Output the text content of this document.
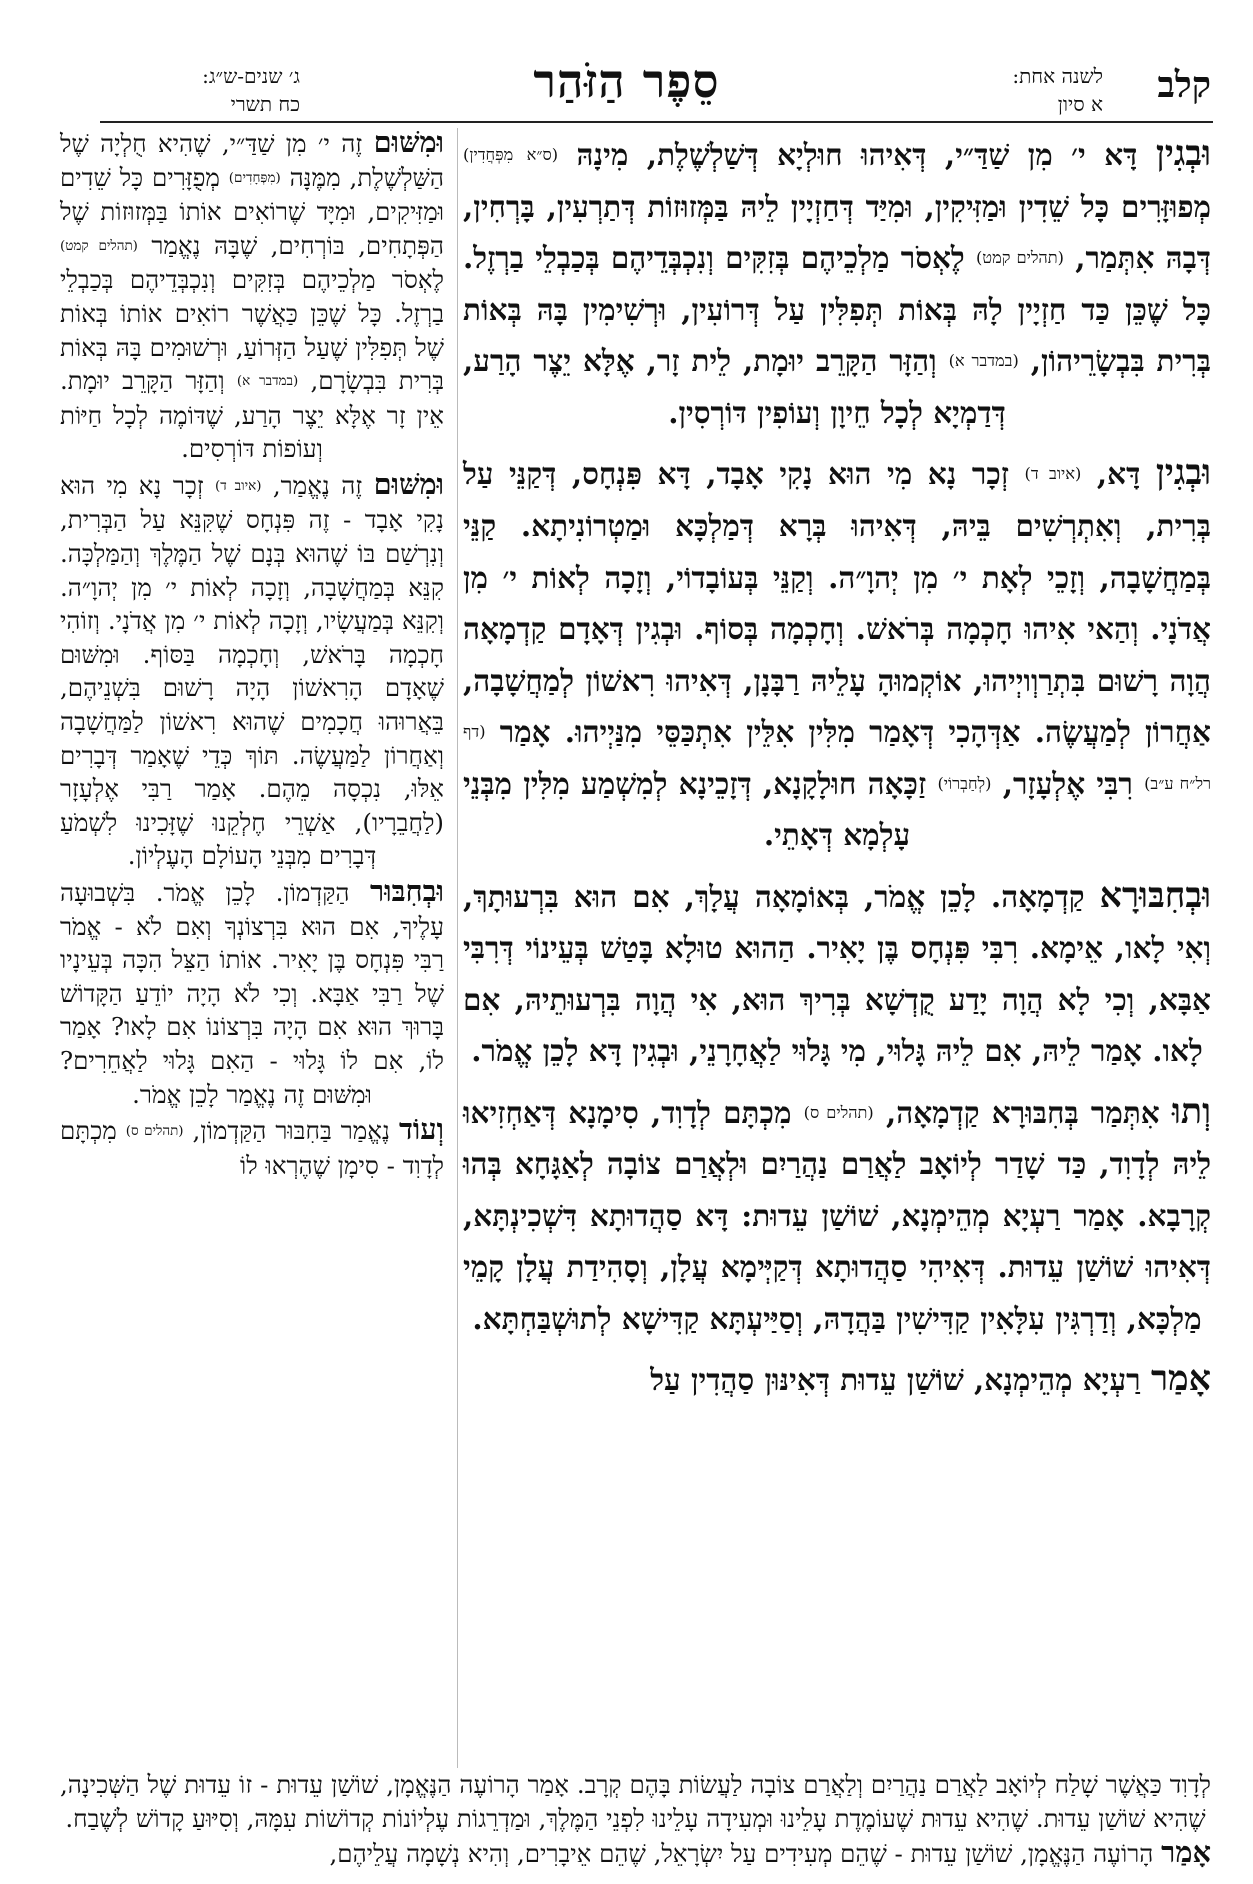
קלב
לשנה אחת:
א סיון
סֵפֶר הַזֹּהַר
ג׳ שנים-ש״ג:
כח תשרי

וּבְגִין דָּא י׳ מִן שַׁדַּ״י, דְּאִיהוּ חוּלְיָא דְּשַׁלְשֶׁלֶת, מִינָהּ (ס״א מִפְּחֲדִין) מְפוּזָּרִים כָּל שֵׁדִין וּמַזִּיקִין, וּמִיַּד דְּחַזְיָין לֵיהּ בַּמְּזוּזוֹת דְּתַרְעִין, בָּרְחִין, דְּבָהּ אִתְּמַר, (תהלים קמט) לֶאְסֹר מַלְכֵיהֶם בְּזִקִּים וְנִכְבְּדֵיהֶם בְּכַבְלֵי בַרְזֶל. כָּל שֶׁכֵּן כַּד חַזְיָין לָהּ בְּאוֹת תְּפִלִּין עַל דְּרוֹעִין, וּרְשִׁימִין בָּהּ בְּאוֹת בְּרִית בִּבְשָׂרֵיהוֹן, (במדבר א) וְהַזָּר הַקָּרֵב יוּמָת, לֵית זָר, אֶלָּא יֵצֶר הָרַע, דְּדַמְיָא לְכָל חֵיוָן וְעוֹפִין דּוֹרְסִין.

וּבְגִין דָּא, (איוב ד) זְכָר נָא מִי הוּא נָקִי אָבָד, דָּא פִּנְחָס, דְּקַנֵּי עַל בְּרִית, וְאִתְרְשִׁים בֵּיהּ, דְּאִיהוּ בְּרָא דְּמַלְכָּא וּמַטְרוֹנִיתָא. קַנֵּי בְּמַחֲשָׁבָה, וְזָכֵי לְאָת י׳ מִן יְהוָ״ה. וְקַנֵּי בְּעוֹבָדוֹי, וְזָכָה לְאוֹת י׳ מִן אֲדֹנָי. וְהַאי אִיהוּ חָכְמָה בְּרֹאשׁ. וְחָכְמָה בְּסוֹף. וּבְגִין דְּאָדָם קַדְמָאָה הֲוָה רָשׁוּם בִּתְרַוְויְיהוּ, אוֹקְמוּהָ עָלֵיהּ רַבָּנָן, דְּאִיהוּ רִאשׁוֹן לְמַחֲשָׁבָה, אַחֲרוֹן לְמַעֲשֶׂה. אַדְּהָכִי דְּאָמַר מִלִּין אִלֵּין אִתְכַּסֵּי מִנַּיְיהוּ. אָמַר (דף רל״ח ע״ב) רִבִּי אֶלְעָזָר, (לְחַבְרוֹי) זַכָּאָה חוּלָקָנָא, דְּזָכֵינָא לְמִשְׁמַע מִלִּין מִבְּנֵי עָלְמָא דְּאָתֵי.

וּבְחִבּוּרָא קַדְמָאָה. לָכֵן אֱמֹר, בְּאוֹמָאָה עֲלָךְ, אִם הוּא בִּרְעוּתָךְ, וְאִי לָאו, אֵימָא. רִבִּי פִּנְחָס בֶּן יָאִיר. הַהוּא טוּלָא בָּטַשׁ בְּעֵינוֹי דְּרִבִּי אַבָּא, וְכִי לָא הֲוָה יָדַע קֻדְשָׁא בְּרִיךְ הוּא, אִי הֲוָה בִּרְעוּתֵיהּ, אִם לָאו. אָמַר לֵיהּ, אִם לֵיהּ גָּלוּי, מִי גָּלוּי לַאֲחָרָנֵי, וּבְגִין דָּא לָכֵן אֱמֹר.

וְתוּ אִתְּמַר בְּחִבּוּרָא קַדְמָאָה, (תהלים ס) מִכְתָּם לְדָוִד, סִימָנָא דְּאַחְזִיאוּ לֵיהּ לְדָוִד, כַּד שָׁדַר לְיוֹאָב לַאֲרַם נַהֲרַיִם וּלְאֲרַם צוֹבָה לְאַגָּחָא בְּהוּ קְרָבָא. אָמַר רַעְיָא מְהֵימְנָא, שׁוֹשַׁן עֵדוּת: דָּא סַהֲדוּתָא דִּשְׁכִינְתָּא, דְּאִיהוּ שׁוֹשַׁן עֵדוּת. דְּאִיהִי סַהֲדוּתָא דְּקַיְּימָא עֲלָן, וְסָהִידַת עֲלָן קָמֵי מַלְכָּא, וְדַרְגִּין עִלָּאִין קַדִּישִׁין בַּהֲדָהּ, וְסַיַּיעְתָּא קַדִּישָׁא לְתוּשְׁבַּחְתָּא.

אָמַר רַעְיָא מְהֵימְנָא, שׁוֹשַׁן עֵדוּת דְּאִינּוּן סַהֲדִין עַל

וּמִשּׁוּם זֶה י׳ מִן שַׁדַּ״י, שֶׁהִיא חֻלְיָה שֶׁל הַשַּׁלְשֶׁלֶת, מִמֶּנָּה (מִפְּחָדִים) מְפֻזָּרִים כָּל שֵׁדִים וּמַזִּיקִים, וּמִיָּד שֶׁרוֹאִים אוֹתוֹ בַּמְּזוּזוֹת שֶׁל הַפְּתָחִים, בּוֹרְחִים, שֶׁבָּהּ נֶאֱמַר (תהלים קמט) לֶאְסֹר מַלְכֵיהֶם בְּזִקִּים וְנִכְבְּדֵיהֶם בְּכַבְלֵי בַרְזֶל. כָּל שֶׁכֵּן כַּאֲשֶׁר רוֹאִים אוֹתוֹ בְּאוֹת שֶׁל תְּפִלִּין שֶׁעַל הַזְּרוֹעַ, וּרְשׁוּמִים בָּהּ בְּאוֹת בְּרִית בִּבְשָׂרָם, (במדבר א) וְהַזָּר הַקָּרֵב יוּמָת. אֵין זָר אֶלָּא יֵצֶר הָרַע, שֶׁדּוֹמֶה לְכָל חַיּוֹת וְעוֹפוֹת דּוֹרְסִים.

וּמִשּׁוּם זֶה נֶאֱמַר, (איוב ד) זְכָר נָא מִי הוּא נָקִי אָבָד - זֶה פִּנְחָס שֶׁקִּנֵּא עַל הַבְּרִית, וְנִרְשַׁם בּוֹ שֶׁהוּא בְּנָם שֶׁל הַמֶּלֶךְ וְהַמַּלְכָּה. קִנֵּא בְּמַחֲשָׁבָה, וְזָכָה לְאוֹת י׳ מִן יְהוָ״ה. וְקִנֵּא בְּמַעֲשָׂיו, וְזָכָה לְאוֹת י׳ מִן אֲדֹנָי. וְזוֹהִי חָכְמָה בָּרֹאשׁ, וְחָכְמָה בַּסּוֹף. וּמִשּׁוּם שֶׁאָדָם הָרִאשׁוֹן הָיָה רָשׁוּם בִּשְׁנֵיהֶם, בֵּאֲרוּהוּ חֲכָמִים שֶׁהוּא רִאשׁוֹן לַמַּחֲשָׁבָה וְאַחֲרוֹן לַמַּעֲשֶׂה. תּוֹךְ כְּדֵי שֶׁאָמַר דְּבָרִים אֵלּוּ, נִכְסָה מֵהֶם. אָמַר רַבִּי אֶלְעָזָר (לַחֲבֵרָיו), אַשְׁרֵי חֶלְקֵנוּ שֶׁזָּכִינוּ לִשְׁמֹעַ דְּבָרִים מִבְּנֵי הָעוֹלָם הָעֶלְיוֹן.

וּבְחִבּוּר הַקַּדְמוֹן. לָכֵן אֱמֹר. בִּשְׁבוּעָה עָלֶיךָ, אִם הוּא בִּרְצוֹנְךָ וְאִם לֹא - אֱמֹר רַבִּי פִּנְחָס בֶּן יָאִיר. אוֹתוֹ הַצֵּל הִכָּה בְּעֵינָיו שֶׁל רַבִּי אַבָּא. וְכִי לֹא הָיָה יוֹדֵעַ הַקָּדוֹשׁ בָּרוּךְ הוּא אִם הָיָה בִּרְצוֹנוֹ אִם לָאו? אָמַר לוֹ, אִם לוֹ גָּלוּי - הַאִם גָּלוּי לַאֲחֵרִים? וּמִשּׁוּם זֶה נֶאֱמַר לָכֵן אֱמֹר.

וְעוֹד נֶאֱמַר בַּחִבּוּר הַקַּדְמוֹן, (תהלים ס) מִכְתָּם לְדָוִד - סִימָן שֶׁהֶרְאוּ לוֹ

לְדָוִד כַּאֲשֶׁר שָׁלַח לְיוֹאָב לַאֲרַם נַהֲרַיִם וְלַאֲרַם צוֹבָה לַעֲשׂוֹת בָּהֶם קְרָב. אָמַר הָרוֹעֶה הַנֶּאֱמָן, שׁוֹשַׁן עֵדוּת - זוֹ עֵדוּת שֶׁל הַשְּׁכִינָה, שֶׁהִיא שׁוֹשַׁן עֵדוּת. שֶׁהִיא עֵדוּת שֶׁעוֹמֶדֶת עָלֵינוּ וּמְעִידָה עָלֵינוּ לִפְנֵי הַמֶּלֶךְ, וּמַדְרֵגוֹת עֶלְיוֹנוֹת קְדוֹשׁוֹת עִמָּהּ, וְסִיּוּעַ קָדוֹשׁ לְשֶׁבַח.

אָמַר הָרוֹעֶה הַנֶּאֱמָן, שׁוֹשַׁן עֵדוּת - שֶׁהֵם מְעִידִים עַל יִשְׂרָאֵל, שֶׁהֵם אֵיבָרִים, וְהִיא נְשָׁמָה עֲלֵיהֶם,
